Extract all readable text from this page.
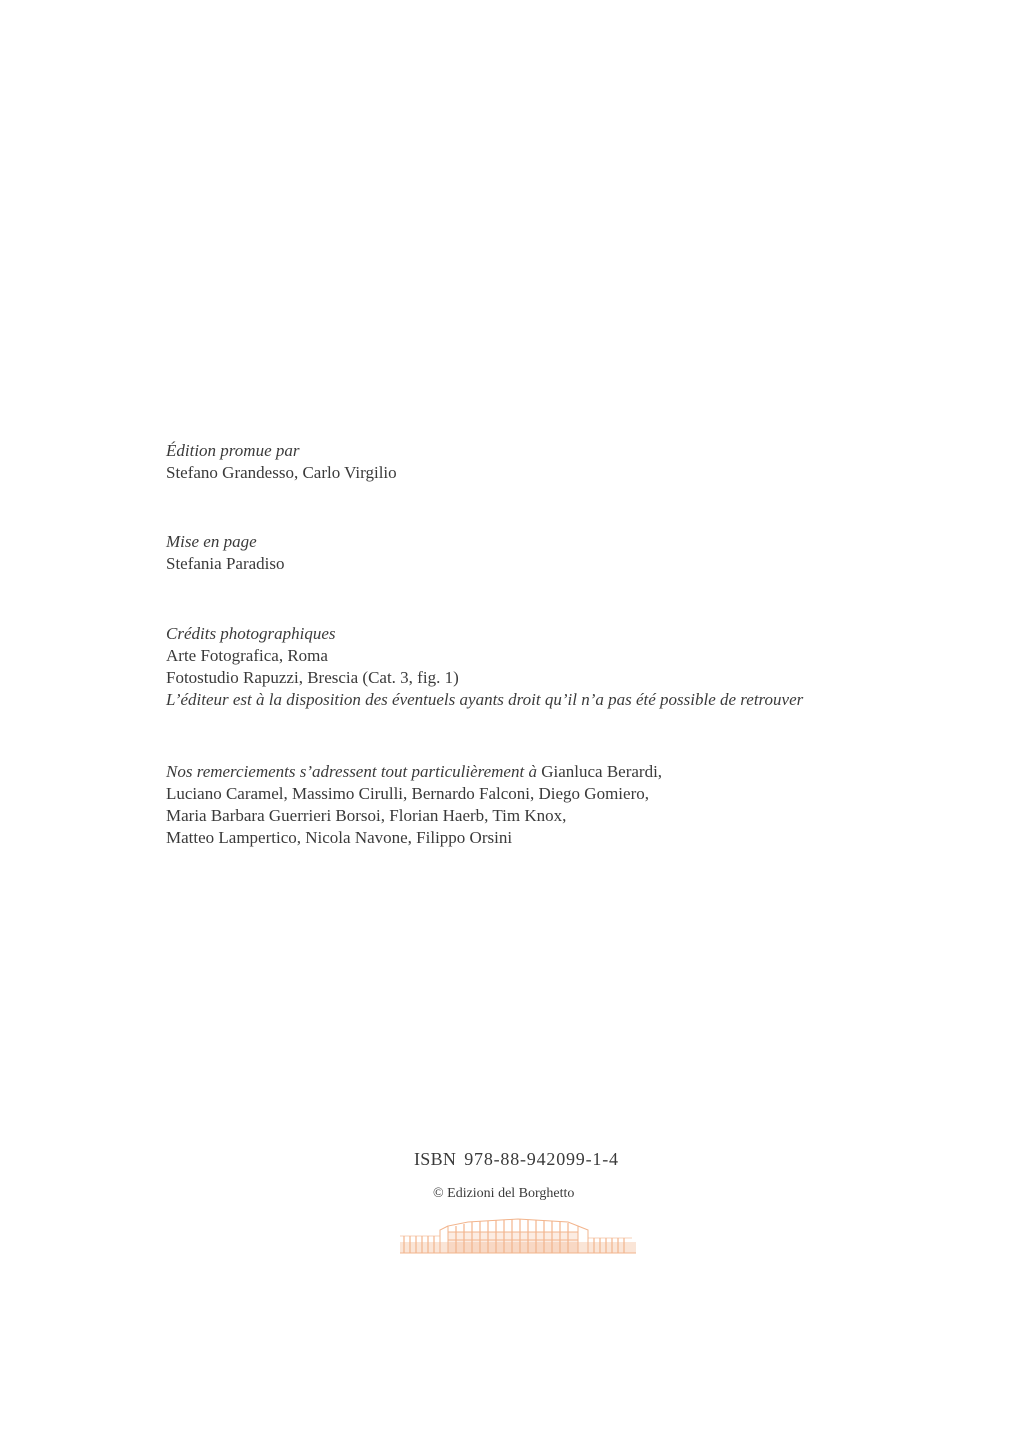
Édition promue par

Stefano Grandesso, Carlo Virgilio

Mise en page

Stefania Paradiso

Crédits photographiques

Arte Fotografica, Roma

Fotostudio Rapuzzi, Brescia (Cat. 3, fig. 1)

L’éditeur est à la disposition des éventuels ayants droit qu’il n’a pas été possible de retrouver

Nos remerciements s’adressent tout particulièrement à Gianluca Berardi,

Luciano Caramel, Massimo Cirulli, Bernardo Falconi, Diego Gomiero,

Maria Barbara Guerrieri Borsoi, Florian Haerb, Tim Knox,

Matteo Lampertico, Nicola Navone, Filippo Orsini

ISBN 978-88-942099-1-4
© Edizioni del Borghetto
